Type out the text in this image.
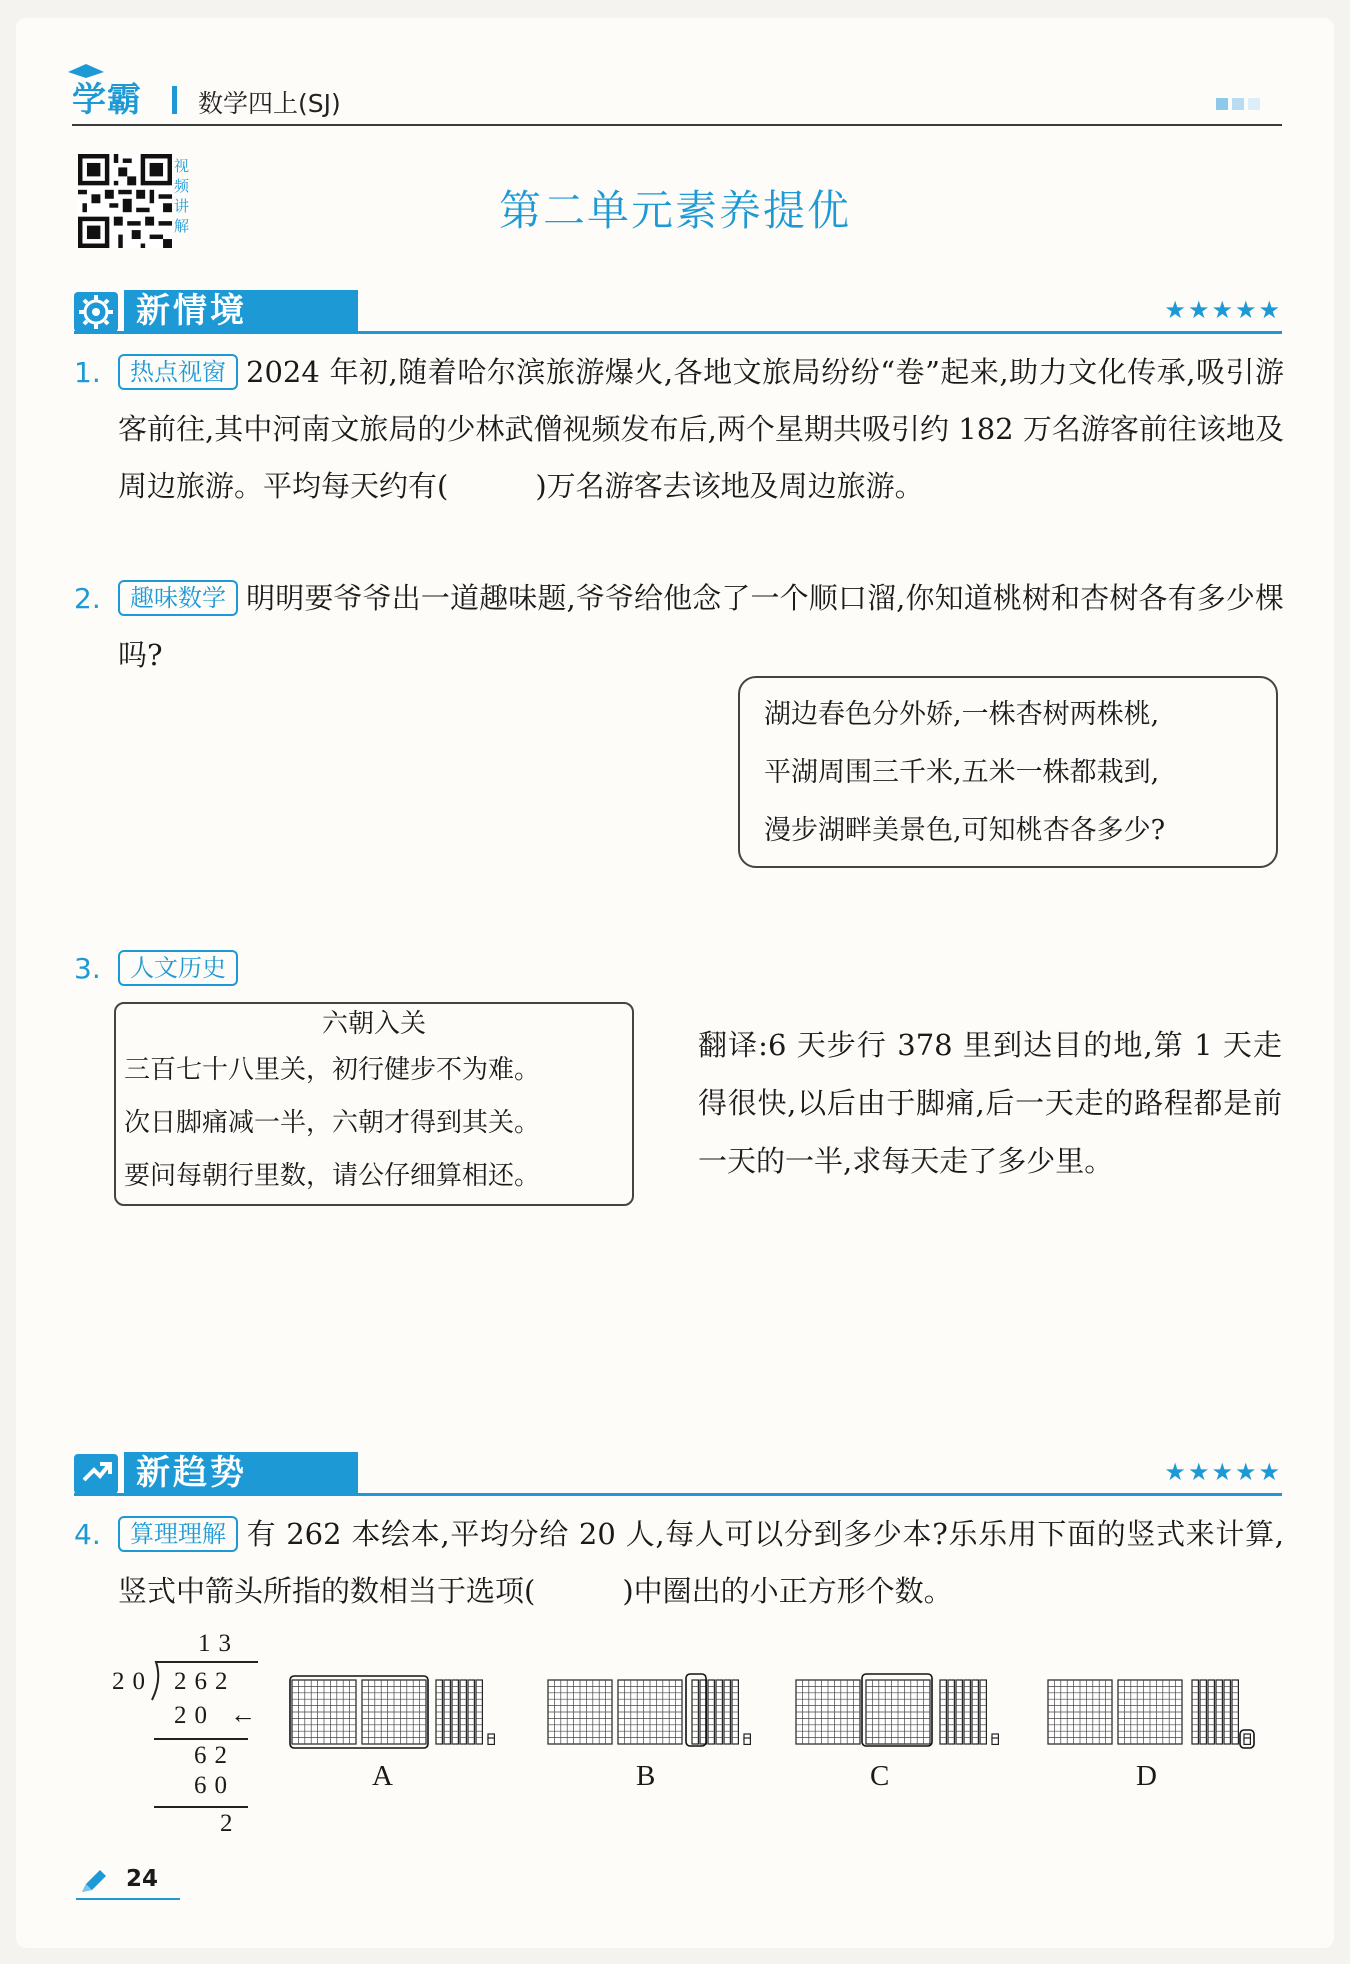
学霸 数学四上(SJ)
视频讲解	第二单元素养提优
新情境	★★★★★
1.	热点视窗 2024 年初,随着哈尔滨旅游爆火,各地文旅局纷纷“卷”起来,助力文化传承,吸引游客前往,其中河南文旅局的少林武僧视频发布后,两个星期共吸引约 182 万名游客前往该地及周边旅游。平均每天约有(　　　)万名游客去该地及周边旅游。
2.	趣味数学 明明要爷爷出一道趣味题,爷爷给他念了一个顺口溜,你知道桃树和杏树各有多少棵吗?
湖边春色分外娇,一株杏树两株桃,
平湖周围三千米,五米一株都栽到,
漫步湖畔美景色,可知桃杏各多少?
3.	人文历史
六朝入关
三百七十八里关，初行健步不为难。
次日脚痛减一半，六朝才得到其关。
要问每朝行里数，请公仔细算相还。
翻译:6 天步行 378 里到达目的地,第 1 天走得很快,以后由于脚痛,后一天走的路程都是前一天的一半,求每天走了多少里。
新趋势	★★★★★
4.	算理理解 有 262 本绘本,平均分给 20 人,每人可以分到多少本?乐乐用下面的竖式来计算,竖式中箭头所指的数相当于选项(　　　)中圈出的小正方形个数。
13
20 262
20 ←
62
60
2
A	B	C	D
24
